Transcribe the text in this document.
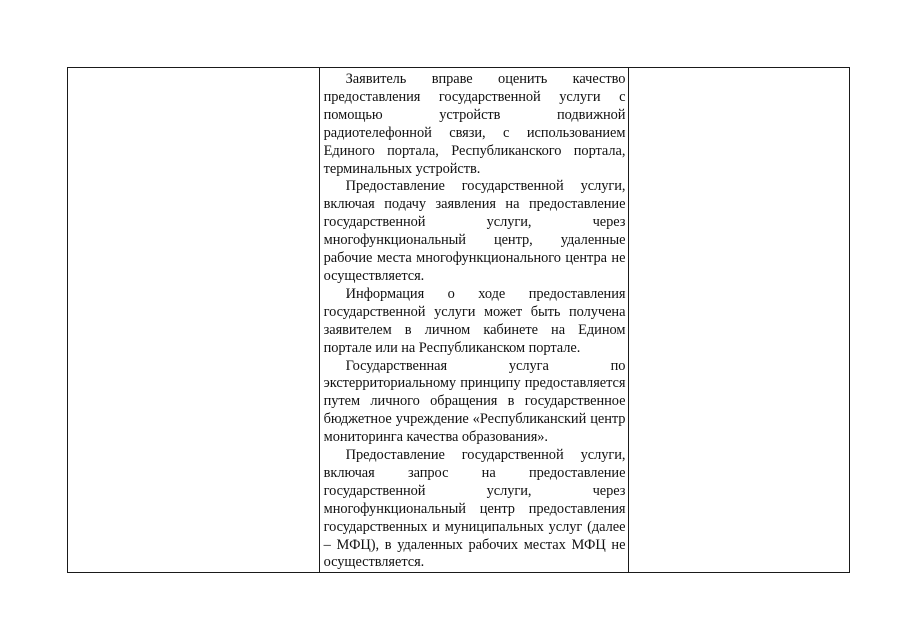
Заявитель вправе оценить качество предоставления государственной услуги с помощью устройств подвижной радиотелефонной связи, с использованием Единого портала, Республиканского портала, терминальных устройств.

Предоставление государственной услуги, включая подачу заявления на предоставление государственной услуги, через многофункциональный центр, удаленные рабочие места многофункционального центра не осуществляется.

Информация о ходе предоставления государственной услуги может быть получена заявителем в личном кабинете на Едином портале или на Республиканском портале.

Государственная услуга по экстерриториальному принципу предоставляется путем личного обращения в государственное бюджетное учреждение «Республиканский центр мониторинга качества образования».

Предоставление государственной услуги, включая запрос на предоставление государственной услуги, через многофункциональный центр предоставления государственных и муниципальных услуг (далее – МФЦ), в удаленных рабочих местах МФЦ не осуществляется.
